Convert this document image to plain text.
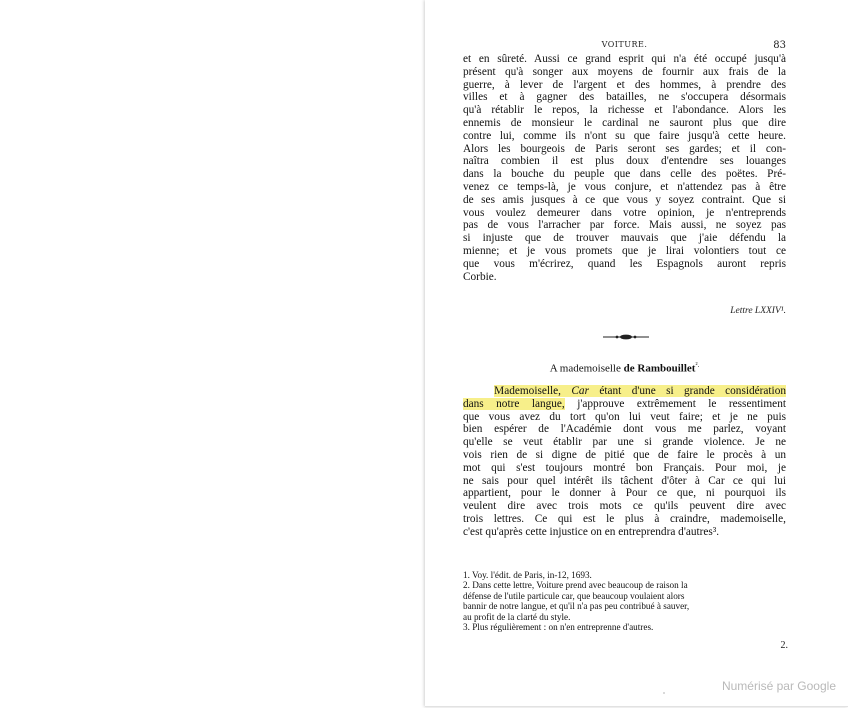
VOITURE.	83
et en sûreté. Aussi ce grand esprit qui n'a été occupé jusqu'à
présent qu'à songer aux moyens de fournir aux frais de la
guerre, à lever de l'argent et des hommes, à prendre des
villes et à gagner des batailles, ne s'occupera désormais
qu'à rétablir le repos, la richesse et l'abondance. Alors les
ennemis de monsieur le cardinal ne sauront plus que dire
contre lui, comme ils n'ont su que faire jusqu'à cette heure.
Alors les bourgeois de Paris seront ses gardes; et il con-
naîtra combien il est plus doux d'entendre ses louanges
dans la bouche du peuple que dans celle des poëtes. Pré-
venez ce temps-là, je vous conjure, et n'attendez pas à être
de ses amis jusques à ce que vous y soyez contraint. Que si
vous voulez demeurer dans votre opinion, je n'entreprends
pas de vous l'arracher par force. Mais aussi, ne soyez pas
si injuste que de trouver mauvais que j'aie défendu la
mienne; et je vous promets que je lirai volontiers tout ce
que vous m'écrirez, quand les Espagnols auront repris
Corbie.
Lettre LXXIV¹.
A mademoiselle de Rambouillet$^{^2.}$
Mademoiselle, Car étant d'une si grande considération
dans notre langue, j'approuve extrêmement le ressentiment
que vous avez du tort qu'on lui veut faire; et je ne puis
bien espérer de l'Académie dont vous me parlez, voyant
qu'elle se veut établir par une si grande violence. Je ne
vois rien de si digne de pitié que de faire le procès à un
mot qui s'est toujours montré bon Français. Pour moi, je
ne sais pour quel intérêt ils tâchent d'ôter à Car ce qui lui
appartient, pour le donner à Pour ce que, ni pourquoi ils
veulent dire avec trois mots ce qu'ils peuvent dire avec
trois lettres. Ce qui est le plus à craindre, mademoiselle,
c'est qu'après cette injustice on en entreprendra d'autres³.
1. Voy. l'édit. de Paris, in-12, 1693.
2. Dans cette lettre, Voiture prend avec beaucoup de raison la
défense de l'utile particule car, que beaucoup voulaient alors
bannir de notre langue, et qu'il n'a pas peu contribué à sauver,
au profit de la clarté du style.
3. Plus régulièrement : on n'en entreprenne d'autres.
2.
Numérisé par Google
